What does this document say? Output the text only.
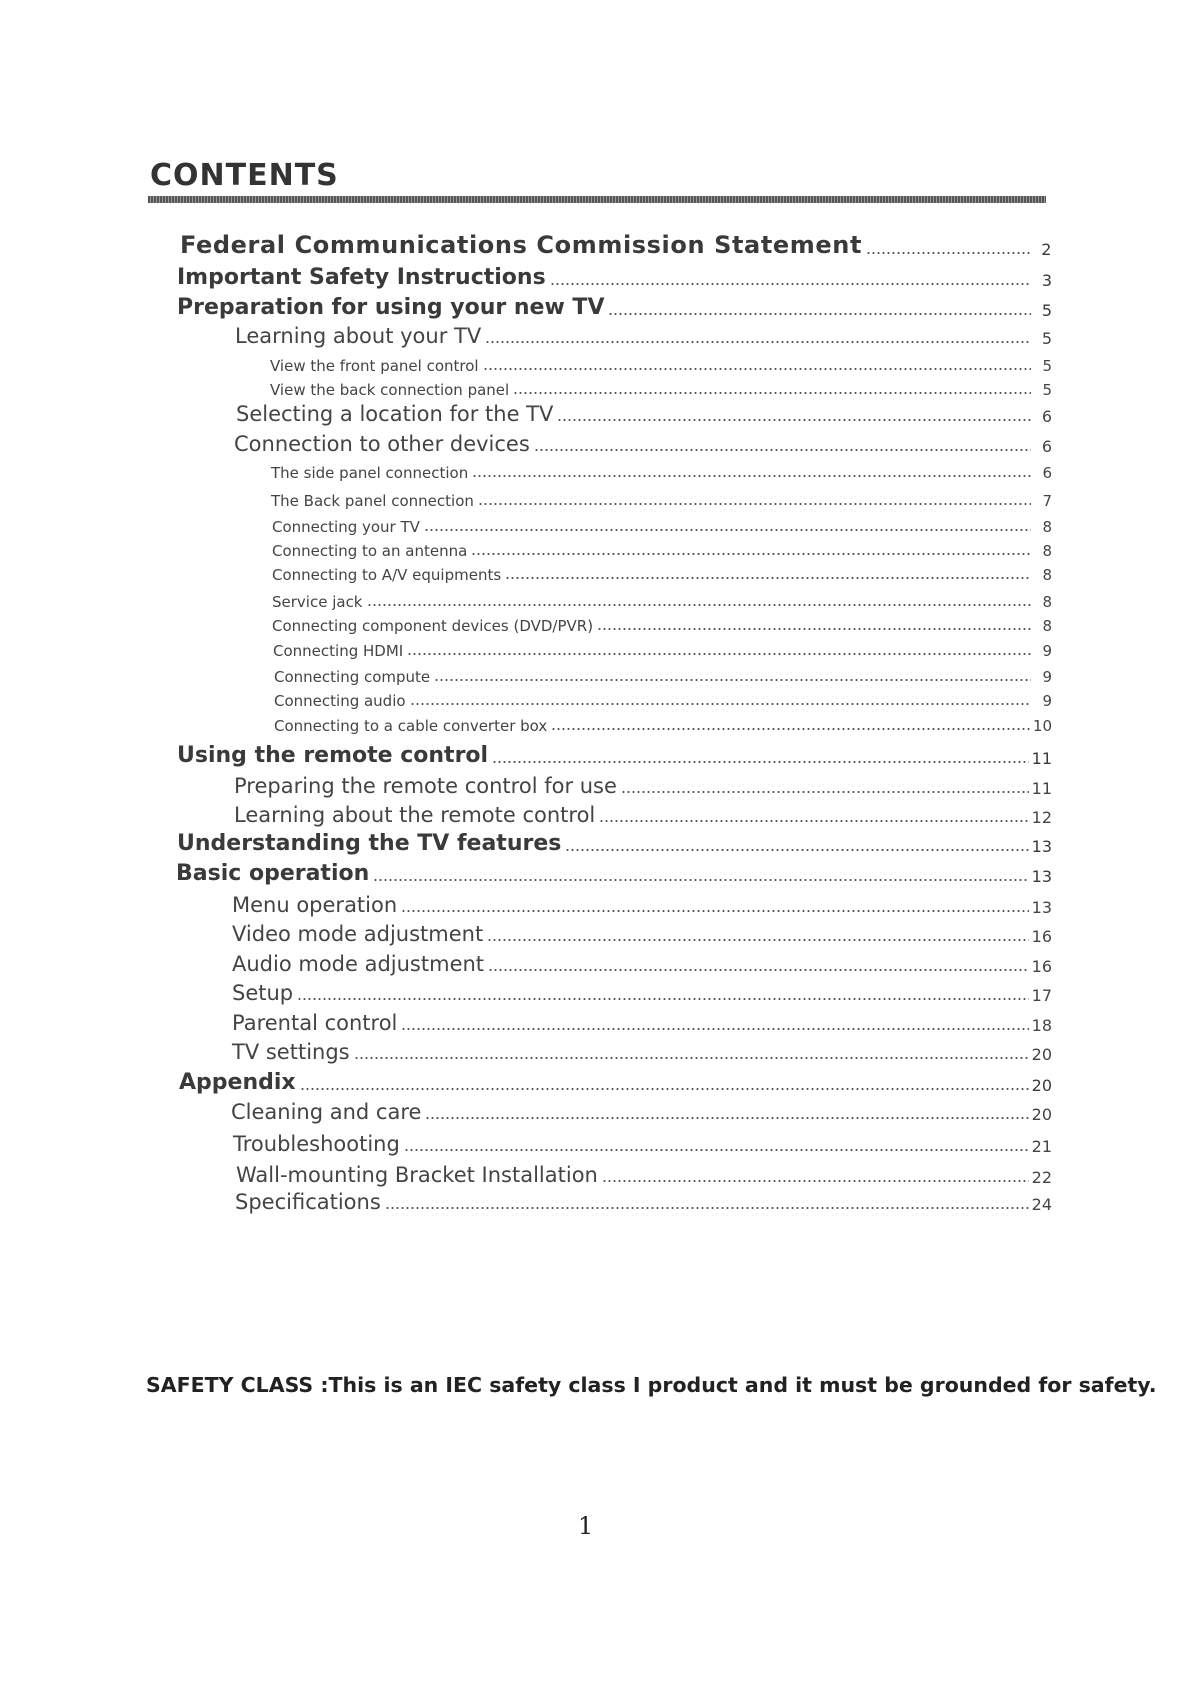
CONTENTS
Federal Communications Commission Statement	2
Important Safety Instructions	3
Preparation for using your new TV	5
Learning about your TV	5
View the front panel control	5
View the back connection panel	5
Selecting a location for the TV	6
Connection to other devices	6
The side panel connection	6
The Back panel connection	7
Connecting your TV	8
Connecting to an antenna	8
Connecting to A/V equipments	8
Service jack	8
Connecting component devices (DVD/PVR)	8
Connecting HDMI	9
Connecting compute	9
Connecting audio	9
Connecting to a cable converter box	10
Using the remote control	11
Preparing the remote control for use	11
Learning about the remote control	12
Understanding the TV features	13
Basic operation	13
Menu operation	13
Video mode adjustment	16
Audio mode adjustment	16
Setup	17
Parental control	18
TV settings	20
Appendix	20
Cleaning and care	20
Troubleshooting	21
Wall-mounting Bracket Installation	22
Specifications	24
SAFETY CLASS :This is an IEC safety class I product and it must be grounded for safety.
1
